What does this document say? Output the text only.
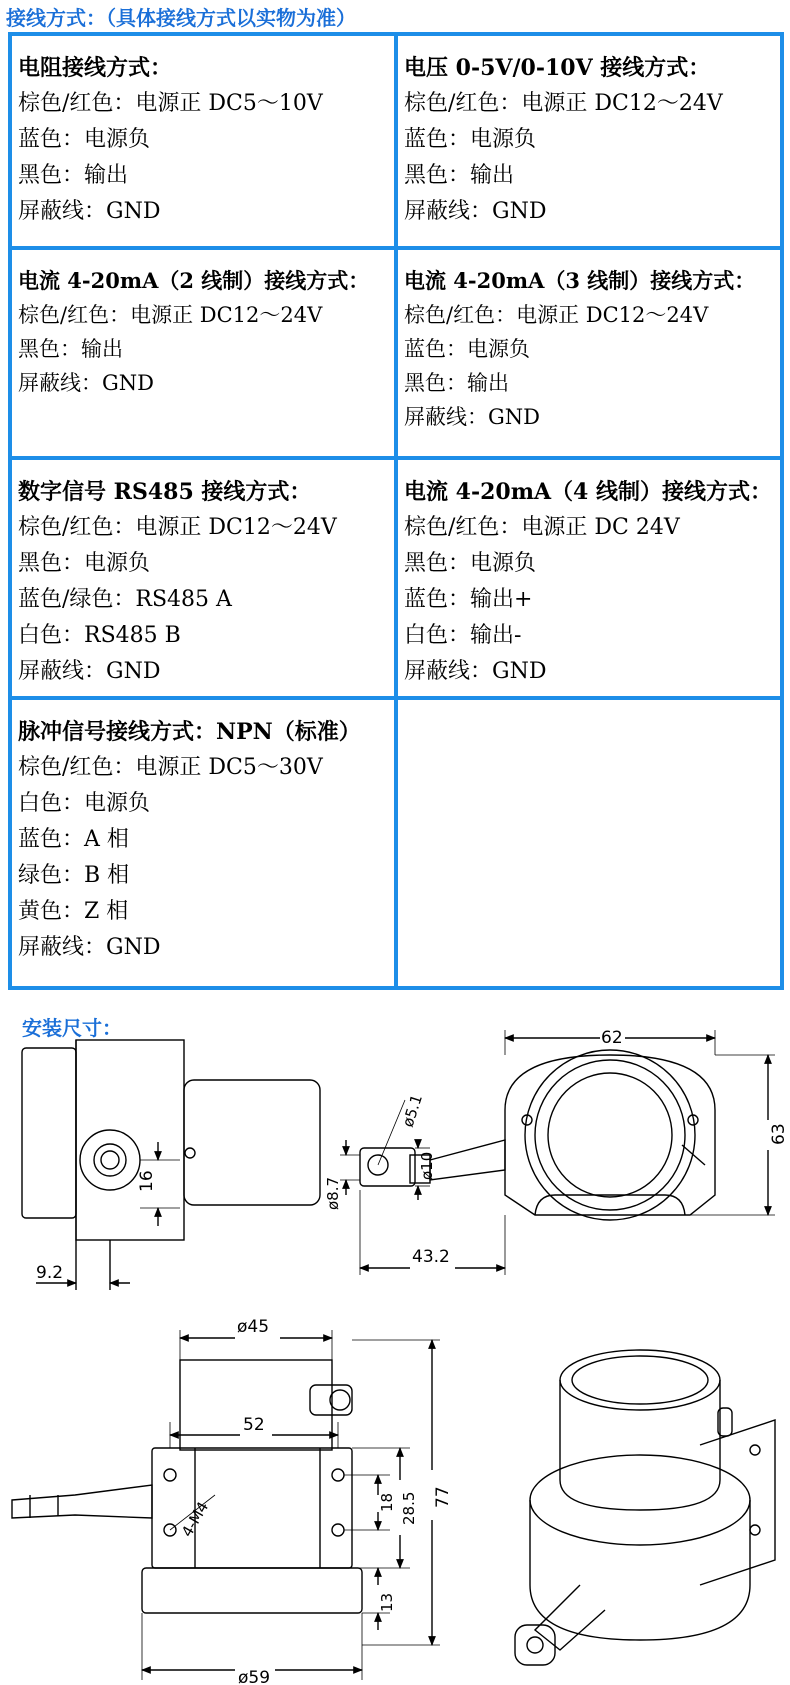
接线方式：（具体接线方式以实物为准）
电阻接线方式：
棕色/红色：电源正 DC5～10V
蓝色：电源负
黑色：输出
屏蔽线：GND
电压 0-5V/0-10V 接线方式：
棕色/红色：电源正 DC12～24V
蓝色：电源负
黑色：输出
屏蔽线：GND
电流 4-20mA（2 线制）接线方式：
棕色/红色：电源正 DC12～24V
黑色：输出
屏蔽线：GND
电流 4-20mA（3 线制）接线方式：
棕色/红色：电源正 DC12～24V
蓝色：电源负
黑色：输出
屏蔽线：GND
数字信号 RS485 接线方式：
棕色/红色：电源正 DC12～24V
黑色：电源负
蓝色/绿色：RS485 A
白色：RS485 B
屏蔽线：GND
电流 4-20mA（4 线制）接线方式：
棕色/红色：电源正 DC 24V
黑色：电源负
蓝色：输出+
白色：输出-
屏蔽线：GND
脉冲信号接线方式：NPN（标准）
棕色/红色：电源正 DC5～30V
白色：电源负
蓝色：A 相
绿色：B 相
黄色：Z 相
屏蔽线：GND
安装尺寸：
9.2
16
62
63
ø5.1
ø10
ø8.7
43.2
ø45
52
77
18 28.5
13
ø59
4-M4
